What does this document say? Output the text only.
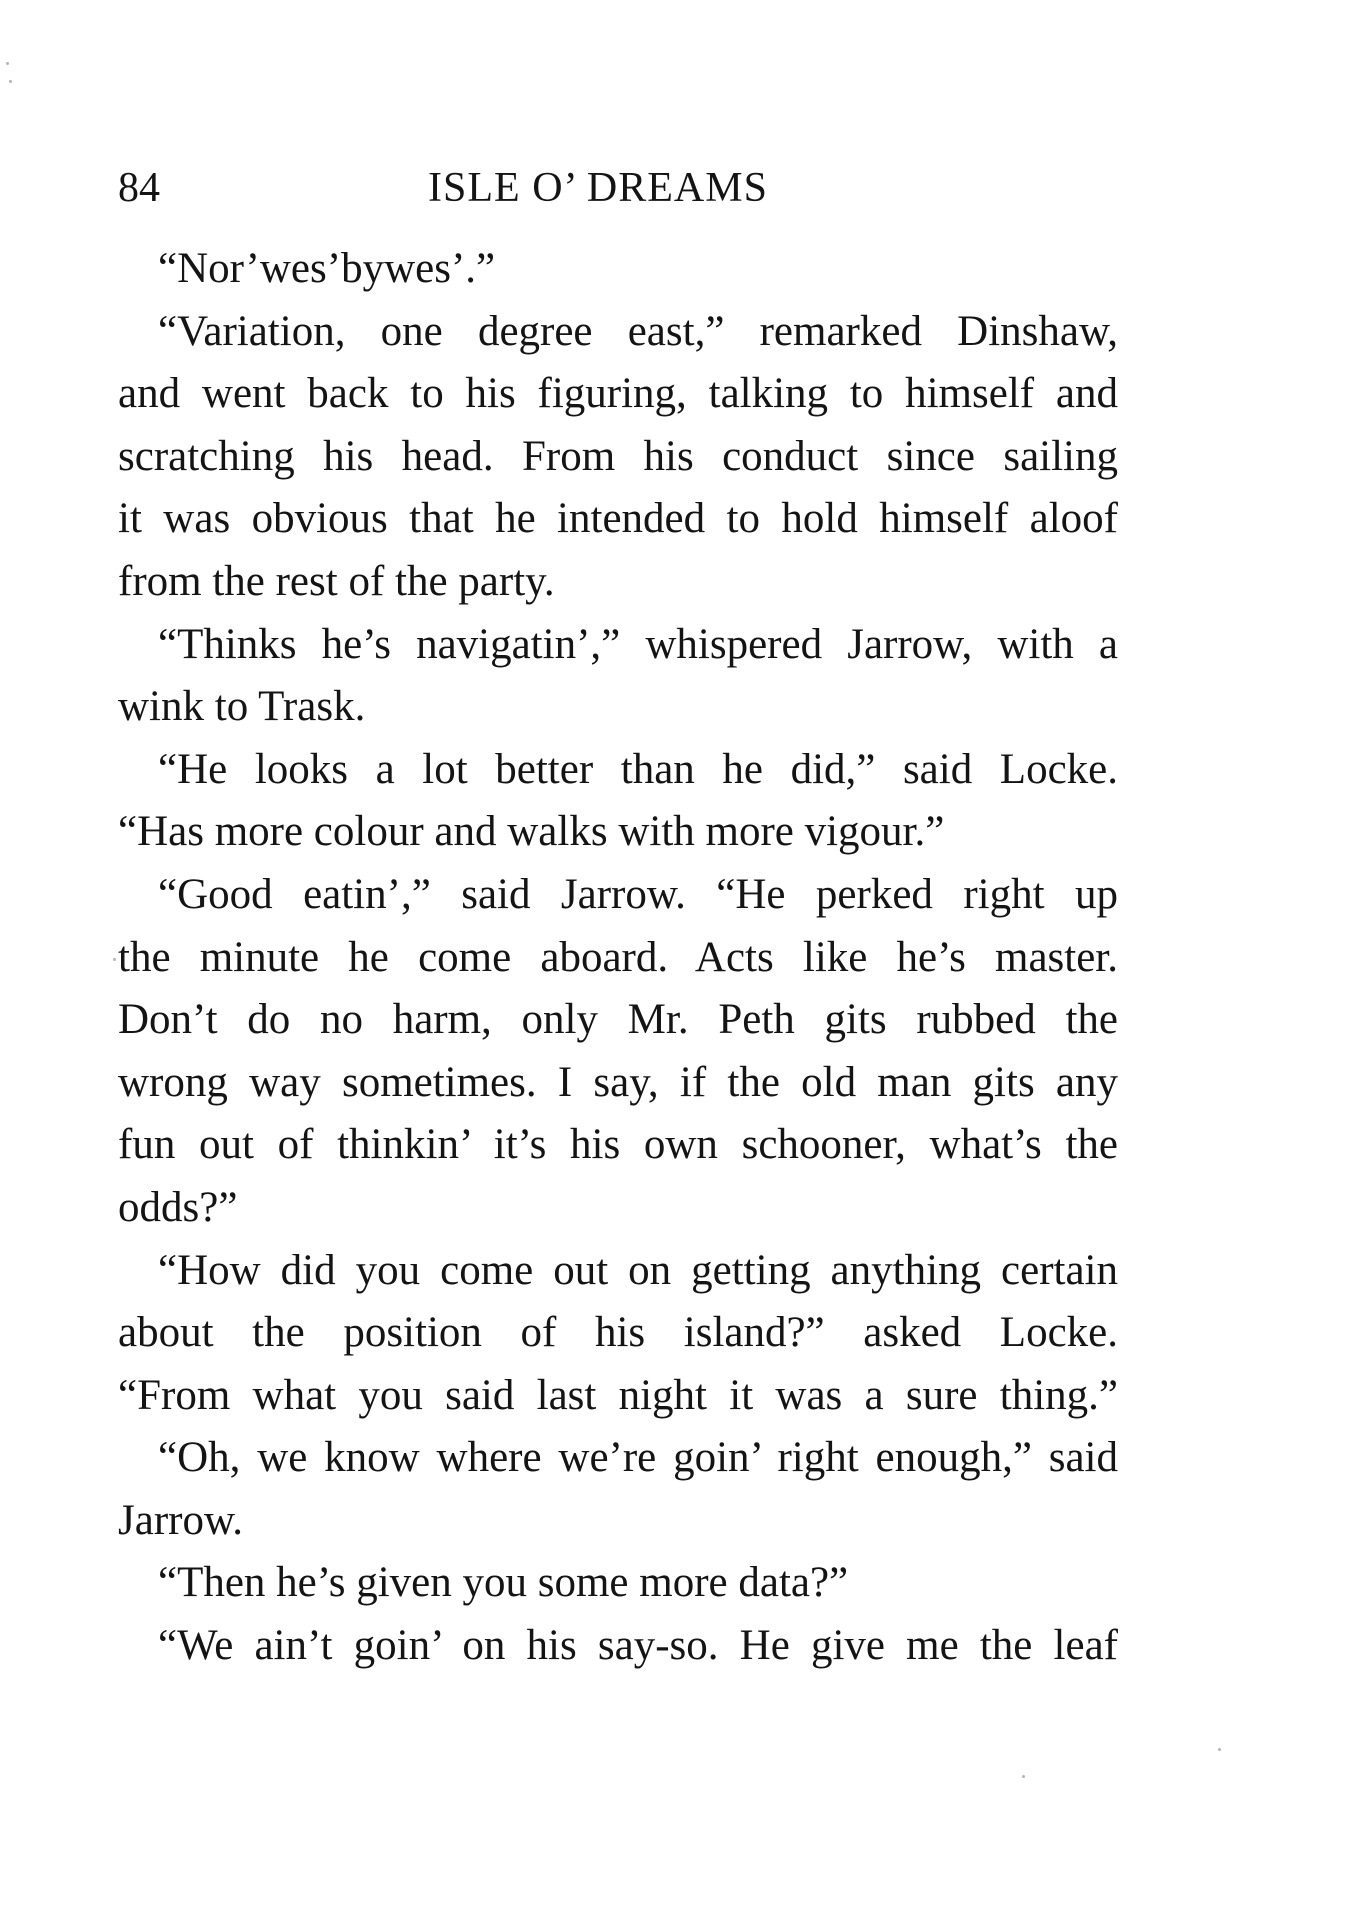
84	ISLE O’ DREAMS
“Nor’wes’bywes’.”
“Variation, one degree east,” remarked Dinshaw,
and went back to his figuring, talking to himself and
scratching his head. From his conduct since sailing
it was obvious that he intended to hold himself aloof
from the rest of the party.
“Thinks he’s navigatin’,” whispered Jarrow, with a
wink to Trask.
“He looks a lot better than he did,” said Locke.
“Has more colour and walks with more vigour.”
“Good eatin’,” said Jarrow. “He perked right up
the minute he come aboard. Acts like he’s master.
Don’t do no harm, only Mr. Peth gits rubbed the
wrong way sometimes. I say, if the old man gits any
fun out of thinkin’ it’s his own schooner, what’s the
odds?”
“How did you come out on getting anything certain
about the position of his island?” asked Locke.
“From what you said last night it was a sure thing.”
“Oh, we know where we’re goin’ right enough,” said
Jarrow.
“Then he’s given you some more data?”
“We ain’t goin’ on his say-so. He give me the leaf
